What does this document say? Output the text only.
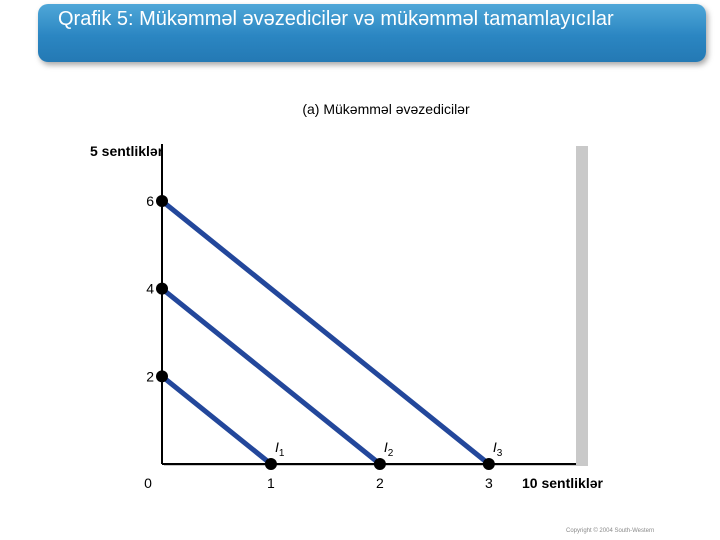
Qrafik 5: Mükəmməl əvəzedicilər və mükəmməl tamamlayıcılar
(a) Mükəmməl əvəzedicilər
5 sentliklər
10 sentliklər
0
2
4
6
1	2	3
$I_1$	$I_2$	$I_3$
Copyright © 2004 South-Western
